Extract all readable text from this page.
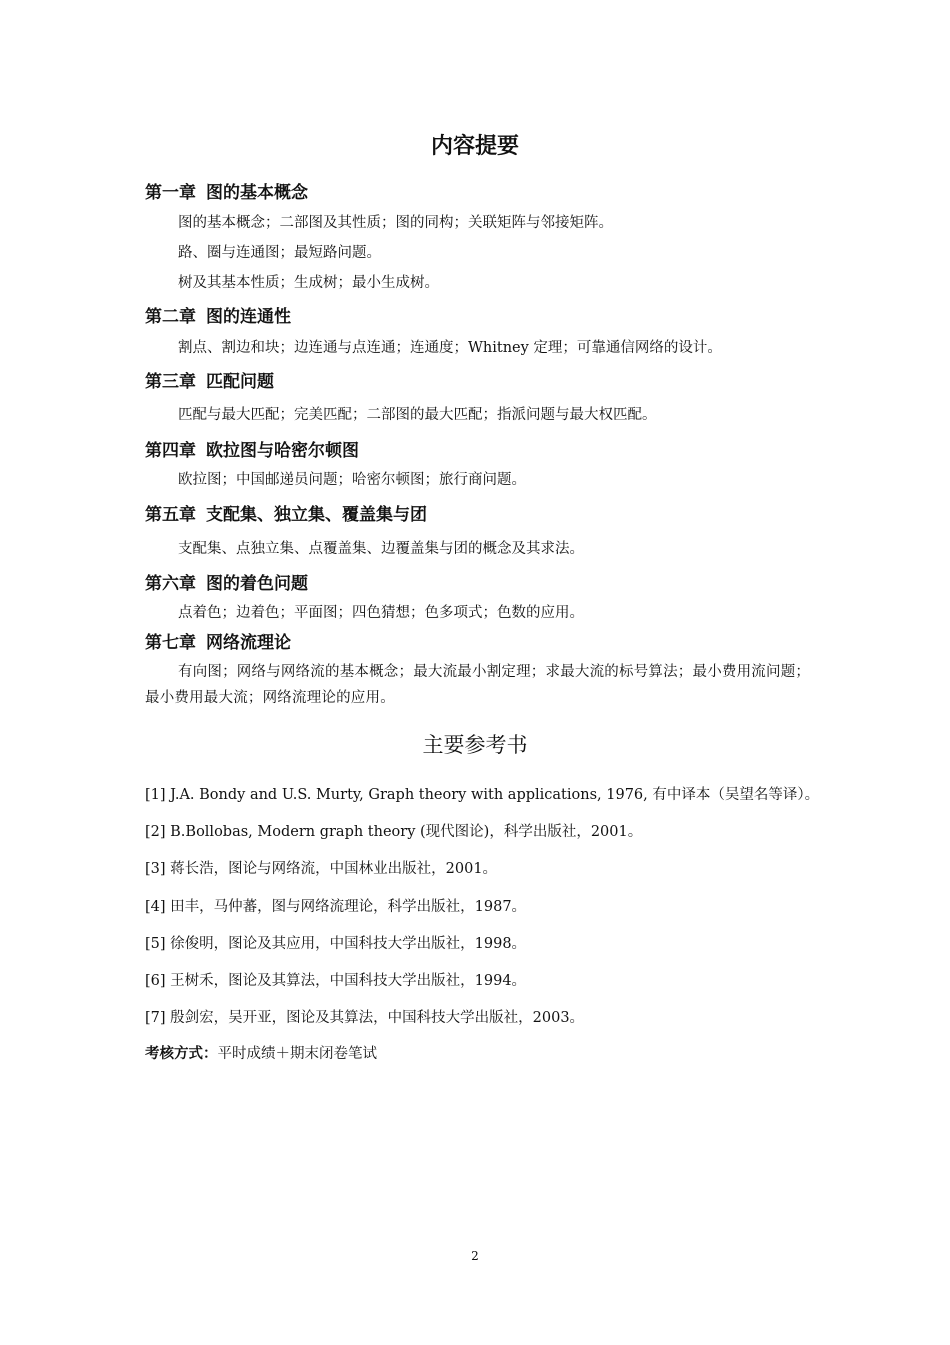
内容提要
第一章 图的基本概念

图的基本概念；二部图及其性质；图的同构；关联矩阵与邻接矩阵。

路、圈与连通图；最短路问题。

树及其基本性质；生成树；最小生成树。

第二章 图的连通性

割点、割边和块；边连通与点连通；连通度；Whitney 定理；可靠通信网络的设计。

第三章 匹配问题

匹配与最大匹配；完美匹配；二部图的最大匹配；指派问题与最大权匹配。

第四章 欧拉图与哈密尔顿图

欧拉图；中国邮递员问题；哈密尔顿图；旅行商问题。

第五章 支配集、独立集、覆盖集与团

支配集、点独立集、点覆盖集、边覆盖集与团的概念及其求法。

第六章 图的着色问题

点着色；边着色；平面图；四色猜想；色多项式；色数的应用。

第七章 网络流理论

有向图；网络与网络流的基本概念；最大流最小割定理；求最大流的标号算法；最小费用流问题；最小费用最大流；网络流理论的应用。

主要参考书

[1] J.A. Bondy and U.S. Murty, Graph theory with applications, 1976, 有中译本（吴望名等译）。

[2] B.Bollobas, Modern graph theory (现代图论)，科学出版社，2001。

[3] 蒋长浩，图论与网络流，中国林业出版社，2001。

[4] 田丰，马仲蕃，图与网络流理论，科学出版社，1987。

[5] 徐俊明，图论及其应用，中国科技大学出版社，1998。

[6] 王树禾，图论及其算法，中国科技大学出版社，1994。

[7] 殷剑宏，吴开亚，图论及其算法，中国科技大学出版社，2003。

考核方式：平时成绩＋期末闭卷笔试

2
